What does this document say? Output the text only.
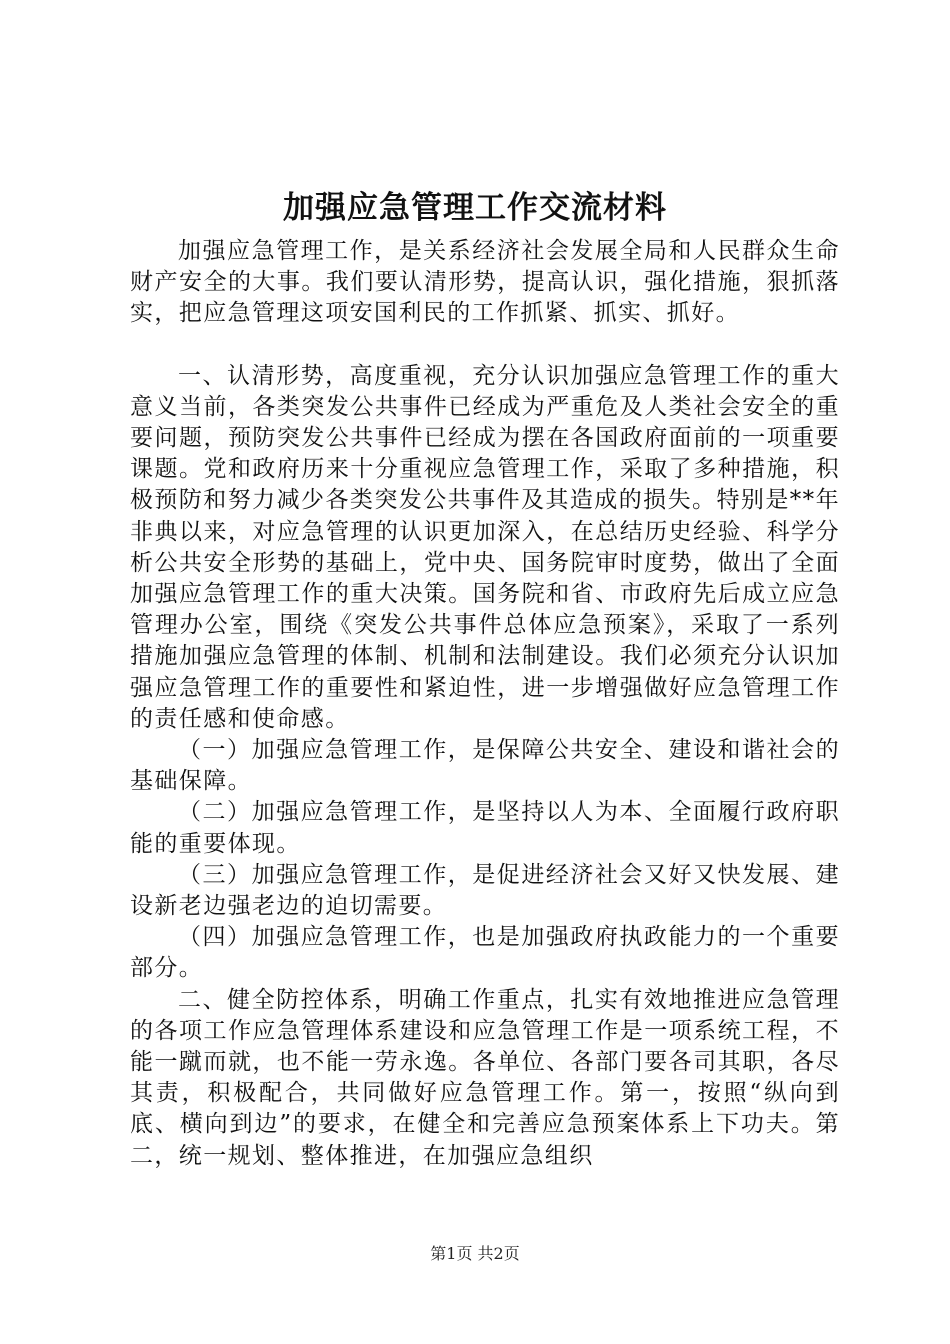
加强应急管理工作交流材料

加强应急管理工作，是关系经济社会发展全局和人民群众生命财产安全的大事。我们要认清形势，提高认识，强化措施，狠抓落实，把应急管理这项安国利民的工作抓紧、抓实、抓好。

一、认清形势，高度重视，充分认识加强应急管理工作的重大意义当前，各类突发公共事件已经成为严重危及人类社会安全的重要问题，预防突发公共事件已经成为摆在各国政府面前的一项重要课题。党和政府历来十分重视应急管理工作，采取了多种措施，积极预防和努力减少各类突发公共事件及其造成的损失。特别是**年非典以来，对应急管理的认识更加深入，在总结历史经验、科学分析公共安全形势的基础上，党中央、国务院审时度势，做出了全面加强应急管理工作的重大决策。国务院和省、市政府先后成立应急管理办公室，围绕《突发公共事件总体应急预案》，采取了一系列措施加强应急管理的体制、机制和法制建设。我们必须充分认识加强应急管理工作的重要性和紧迫性，进一步增强做好应急管理工作的责任感和使命感。

（一）加强应急管理工作，是保障公共安全、建设和谐社会的基础保障。

（二）加强应急管理工作，是坚持以人为本、全面履行政府职能的重要体现。

（三）加强应急管理工作，是促进经济社会又好又快发展、建设新老边强老边的迫切需要。

（四）加强应急管理工作，也是加强政府执政能力的一个重要部分。

二、健全防控体系，明确工作重点，扎实有效地推进应急管理的各项工作应急管理体系建设和应急管理工作是一项系统工程，不能一蹴而就，也不能一劳永逸。各单位、各部门要各司其职，各尽其责，积极配合，共同做好应急管理工作。第一，按照“纵向到底、横向到边”的要求，在健全和完善应急预案体系上下功夫。第二，统一规划、整体推进，在加强应急组织

第1页 共2页
